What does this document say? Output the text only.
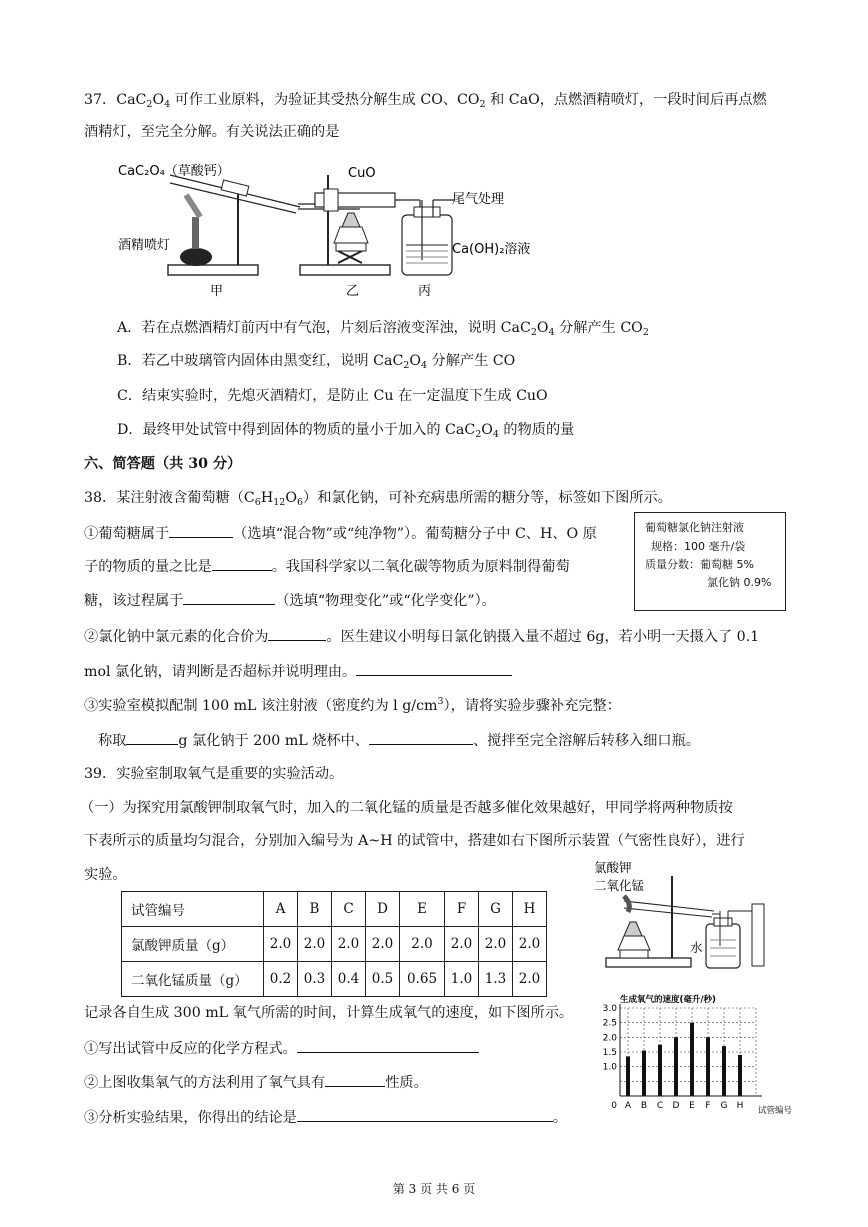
37．$CaC_2O_4$ 可作工业原料，为验证其受热分解生成 CO、$CO_2$ 和 CaO，点燃酒精喷灯，一段时间后再点燃
酒精灯，至完全分解。有关说法正确的是
CaC₂O₄（草酸钙）
酒精喷灯
CuO
尾气处理
Ca(OH)₂溶液
甲	乙	丙
A．若在点燃酒精灯前丙中有气泡，片刻后溶液变浑浊，说明 $CaC_2O_4$ 分解产生 $CO_2$
B．若乙中玻璃管内固体由黑变红，说明 $CaC_2O_4$ 分解产生 CO
C．结束实验时，先熄灭酒精灯，是防止 Cu 在一定温度下生成 CuO
D．最终甲处试管中得到固体的物质的量小于加入的 $CaC_2O_4$ 的物质的量
六、简答题（共 30 分）
38．某注射液含葡萄糖$(C_6H_{12}O_6)$和氯化钠，可补充病患所需的糖分等，标签如下图所示。
葡萄糖氯化钠注射液
规格：100 毫升/袋
质量分数：葡萄糖 5%
氯化钠 0.9%
①葡萄糖属于	（选填“混合物”或“纯净物”）。葡萄糖分子中 C、H、O 原
子的物质的量之比是	。我国科学家以二氧化碳等物质为原料制得葡萄
糖，该过程属于	（选填“物理变化”或“化学变化”）。
②氯化钠中氯元素的化合价为	。医生建议小明每日氯化钠摄入量不超过 6g，若小明一天摄入了 0.1
mol 氯化钠，请判断是否超标并说明理由。
③实验室模拟配制 100 mL 该注射液（密度约为 l $g/cm^3$），请将实验步骤补充完整：
称取	g 氯化钠于 200 mL 烧杯中、	、搅拌至完全溶解后转移入细口瓶。
39．实验室制取氧气是重要的实验活动。
（一）为探究用氯酸钾制取氧气时，加入的二氧化锰的质量是否越多催化效果越好，甲同学将两种物质按
下表所示的质量均匀混合，分别加入编号为 A~H 的试管中，搭建如右下图所示装置（气密性良好），进行
实验。	氯酸钾
二氧化锰
水
试管编号	A	B	C	D	E	F	G	H
氯酸钾质量（g）	2.0	2.0	2.0	2.0	2.0	2.0	2.0	2.0
二氧化锰质量（g）	0.2	0.3	0.4	0.5	0.65	1.0	1.3	2.0
记录各自生成 300 mL 氧气所需的时间，计算生成氧气的速度，如下图所示。
①写出试管中反应的化学方程式。
②上图收集氧气的方法利用了氧气具有	性质。
③分析实验结果，你得出的结论是	。
生成氧气的速度(毫升/秒)
0
1.0
1.5
2.0
2.5
3.0
A B C D E F G H 试管编号
第 3 页 共 6 页
